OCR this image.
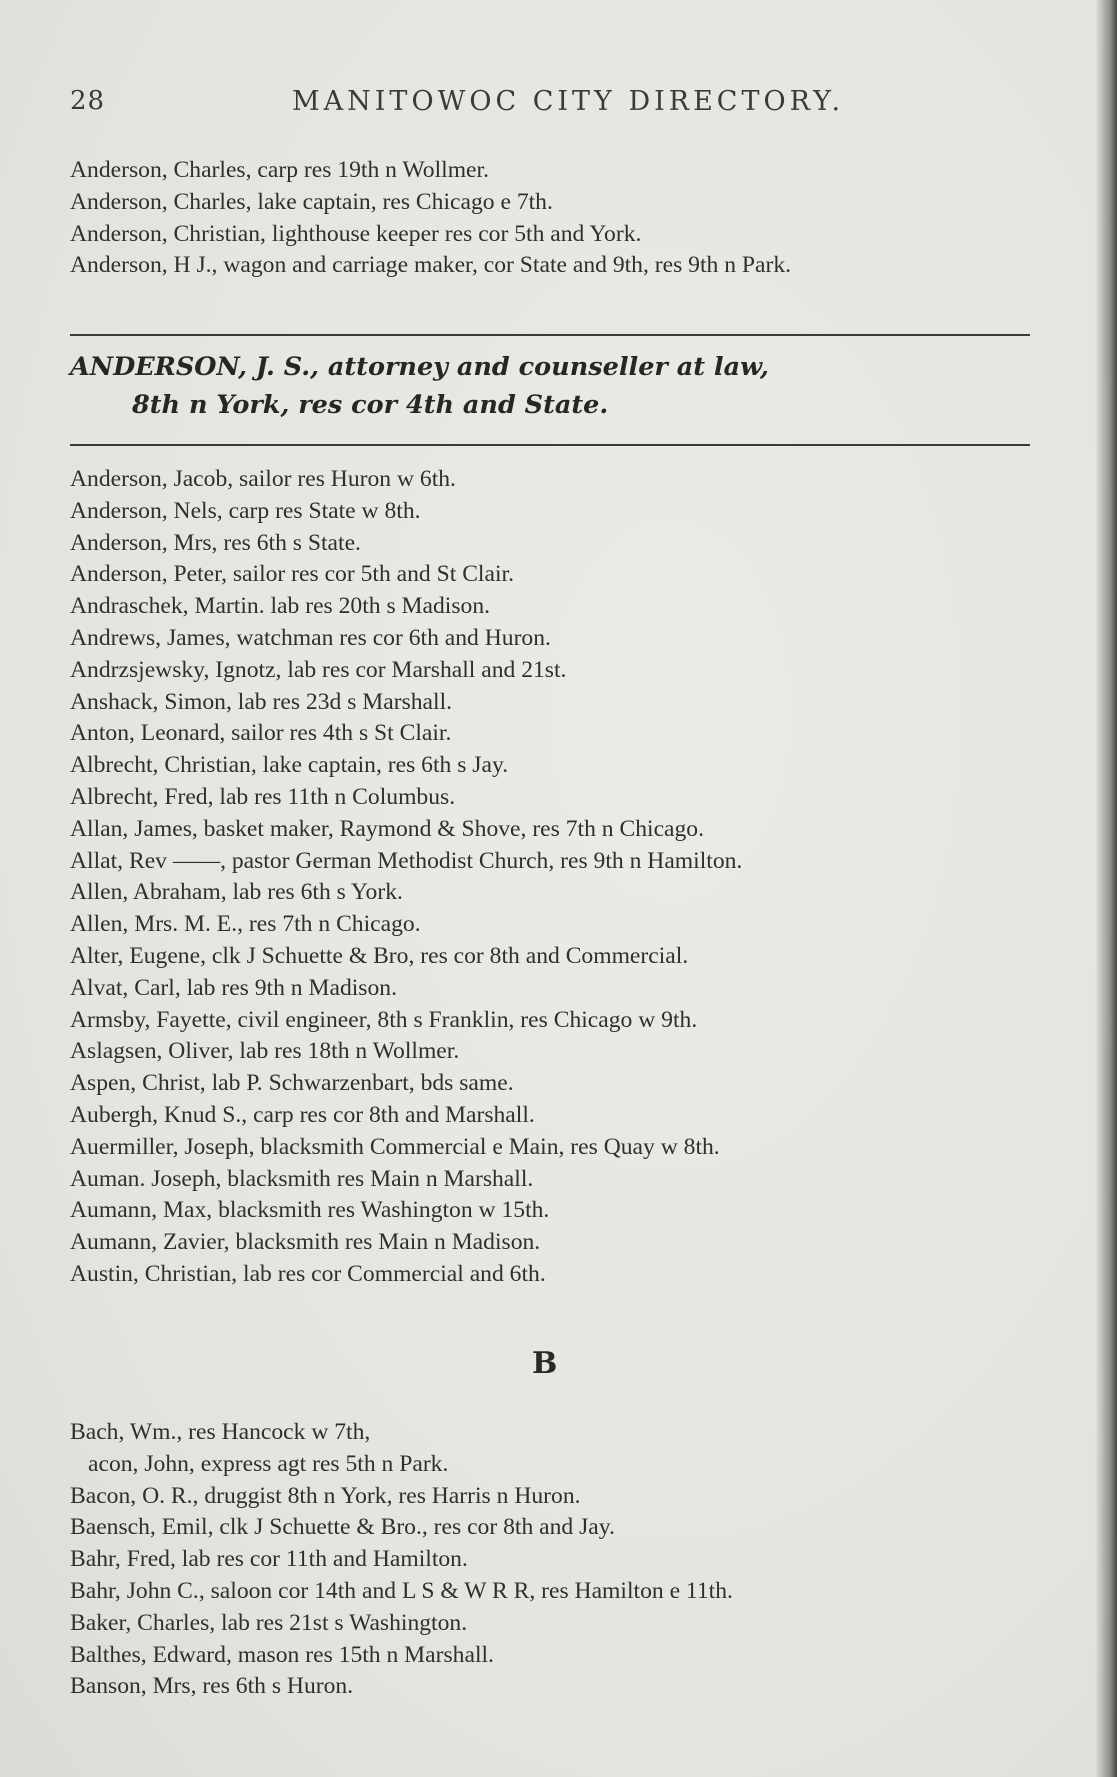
28	MANITOWOC CITY DIRECTORY.
Anderson, Charles, carp res 19th n Wollmer.
Anderson, Charles, lake captain, res Chicago e 7th.
Anderson, Christian, lighthouse keeper res cor 5th and York.
Anderson, H J., wagon and carriage maker, cor State and 9th, res 9th n Park.
ANDERSON, J. S., attorney and counseller at law,
8th n York, res cor 4th and State.
Anderson, Jacob, sailor res Huron w 6th.
Anderson, Nels, carp res State w 8th.
Anderson, Mrs, res 6th s State.
Anderson, Peter, sailor res cor 5th and St Clair.
Andraschek, Martin. lab res 20th s Madison.
Andrews, James, watchman res cor 6th and Huron.
Andrzsjewsky, Ignotz, lab res cor Marshall and 21st.
Anshack, Simon, lab res 23d s Marshall.
Anton, Leonard, sailor res 4th s St Clair.
Albrecht, Christian, lake captain, res 6th s Jay.
Albrecht, Fred, lab res 11th n Columbus.
Allan, James, basket maker, Raymond & Shove, res 7th n Chicago.
Allat, Rev ——, pastor German Methodist Church, res 9th n Hamilton.
Allen, Abraham, lab res 6th s York.
Allen, Mrs. M. E., res 7th n Chicago.
Alter, Eugene, clk J Schuette & Bro, res cor 8th and Commercial.
Alvat, Carl, lab res 9th n Madison.
Armsby, Fayette, civil engineer, 8th s Franklin, res Chicago w 9th.
Aslagsen, Oliver, lab res 18th n Wollmer.
Aspen, Christ, lab P. Schwarzenbart, bds same.
Aubergh, Knud S., carp res cor 8th and Marshall.
Auermiller, Joseph, blacksmith Commercial e Main, res Quay w 8th.
Auman. Joseph, blacksmith res Main n Marshall.
Aumann, Max, blacksmith res Washington w 15th.
Aumann, Zavier, blacksmith res Main n Madison.
Austin, Christian, lab res cor Commercial and 6th.
B
Bach, Wm., res Hancock w 7th,
acon, John, express agt res 5th n Park.
Bacon, O. R., druggist 8th n York, res Harris n Huron.
Baensch, Emil, clk J Schuette & Bro., res cor 8th and Jay.
Bahr, Fred, lab res cor 11th and Hamilton.
Bahr, John C., saloon cor 14th and L S & W R R, res Hamilton e 11th.
Baker, Charles, lab res 21st s Washington.
Balthes, Edward, mason res 15th n Marshall.
Banson, Mrs, res 6th s Huron.
